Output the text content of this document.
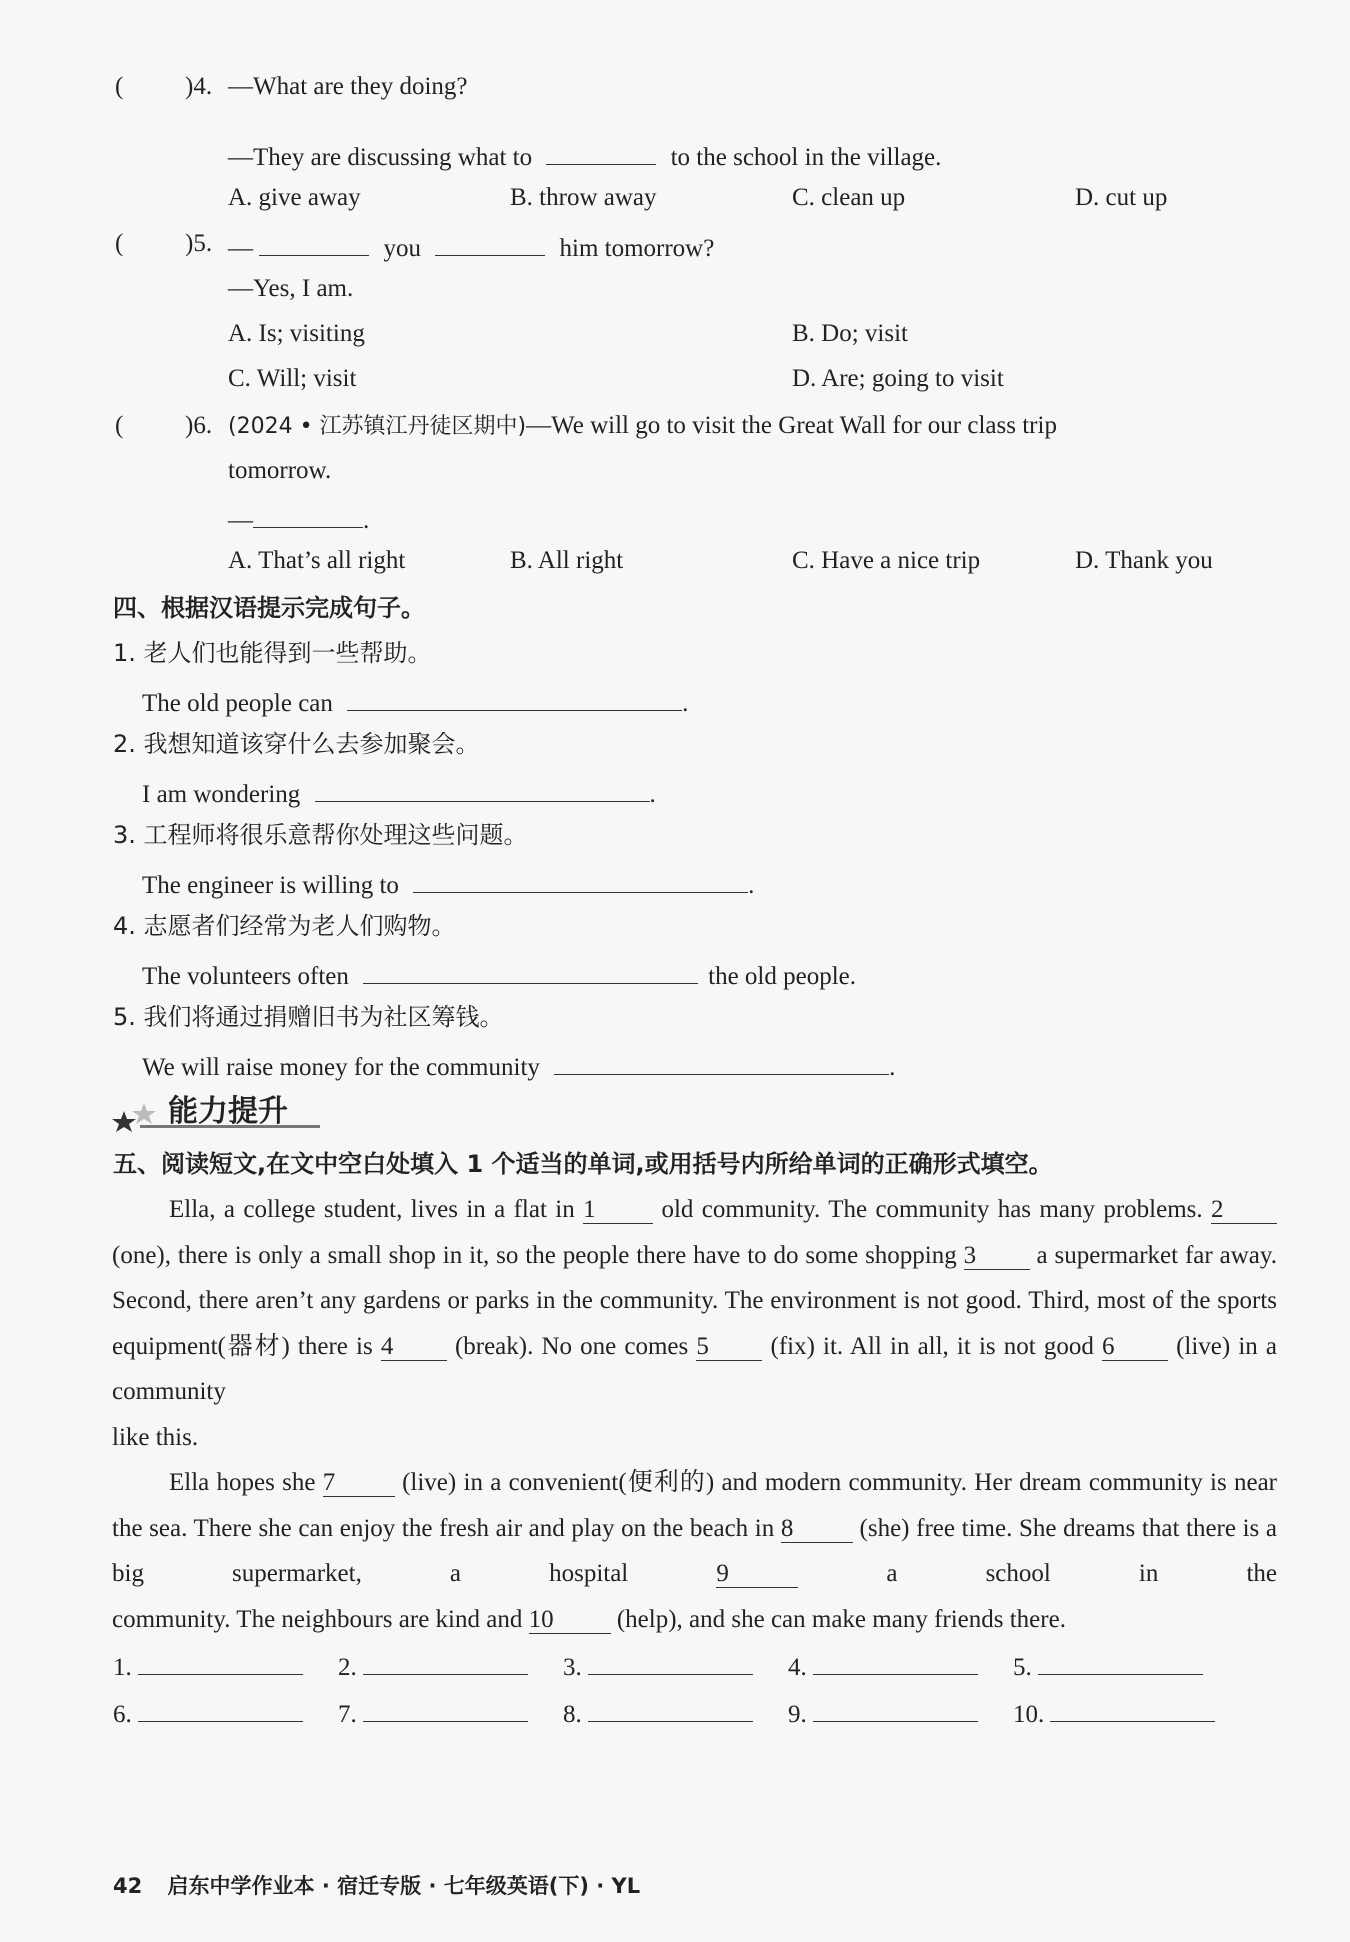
( )4. —What are they doing?
—They are discussing what to	to the school in the village.
A. give away	B. throw away	C. clean up	D. cut up
( )5. —	you	him tomorrow?
—Yes, I am.
A. Is; visiting	B. Do; visit
C. Will; visit	D. Are; going to visit
( )6. (2024 • 江苏镇江丹徒区期中)—We will go to visit the Great Wall for our class trip
tomorrow.
—	.
A. That’s all right	B. All right	C. Have a nice trip	D. Thank you
四、根据汉语提示完成句子。
1. 老人们也能得到一些帮助。
The old people can	.
2. 我想知道该穿什么去参加聚会。
I am wondering	.
3. 工程师将很乐意帮你处理这些问题。
The engineer is willing to	.
4. 志愿者们经常为老人们购物。
The volunteers often	the old people.
5. 我们将通过捐赠旧书为社区筹钱。
We will raise money for the community	.
能力提升
五、阅读短文,在文中空白处填入 1 个适当的单词,或用括号内所给单词的正确形式填空。
Ella, a college student, lives in a flat in 1	old community. The community has many problems. 2 (one), there is only a small shop in it, so the people there have to do some shopping 3 a supermarket far away. Second, there aren’t any gardens or parks in the community. The environment is not good. Third, most of the sports equipment(器材) there is 4 (break). No one comes 5 (fix) it. All in all, it is not good 6 (live) in a community
like this.
Ella hopes she 7	(live) in a convenient(便利的) and modern community. Her dream community is near the sea. There she can enjoy the fresh air and play on the beach in 8	(she) free time. She dreams that there is a big supermarket, a hospital	9	a school in the
community. The neighbours are kind and 10	(help), and she can make many friends there.
1.	2.	3.	4.	5.
6.	7.	8.	9.	10.
42 启东中学作业本 · 宿迁专版 · 七年级英语(下) · YL
